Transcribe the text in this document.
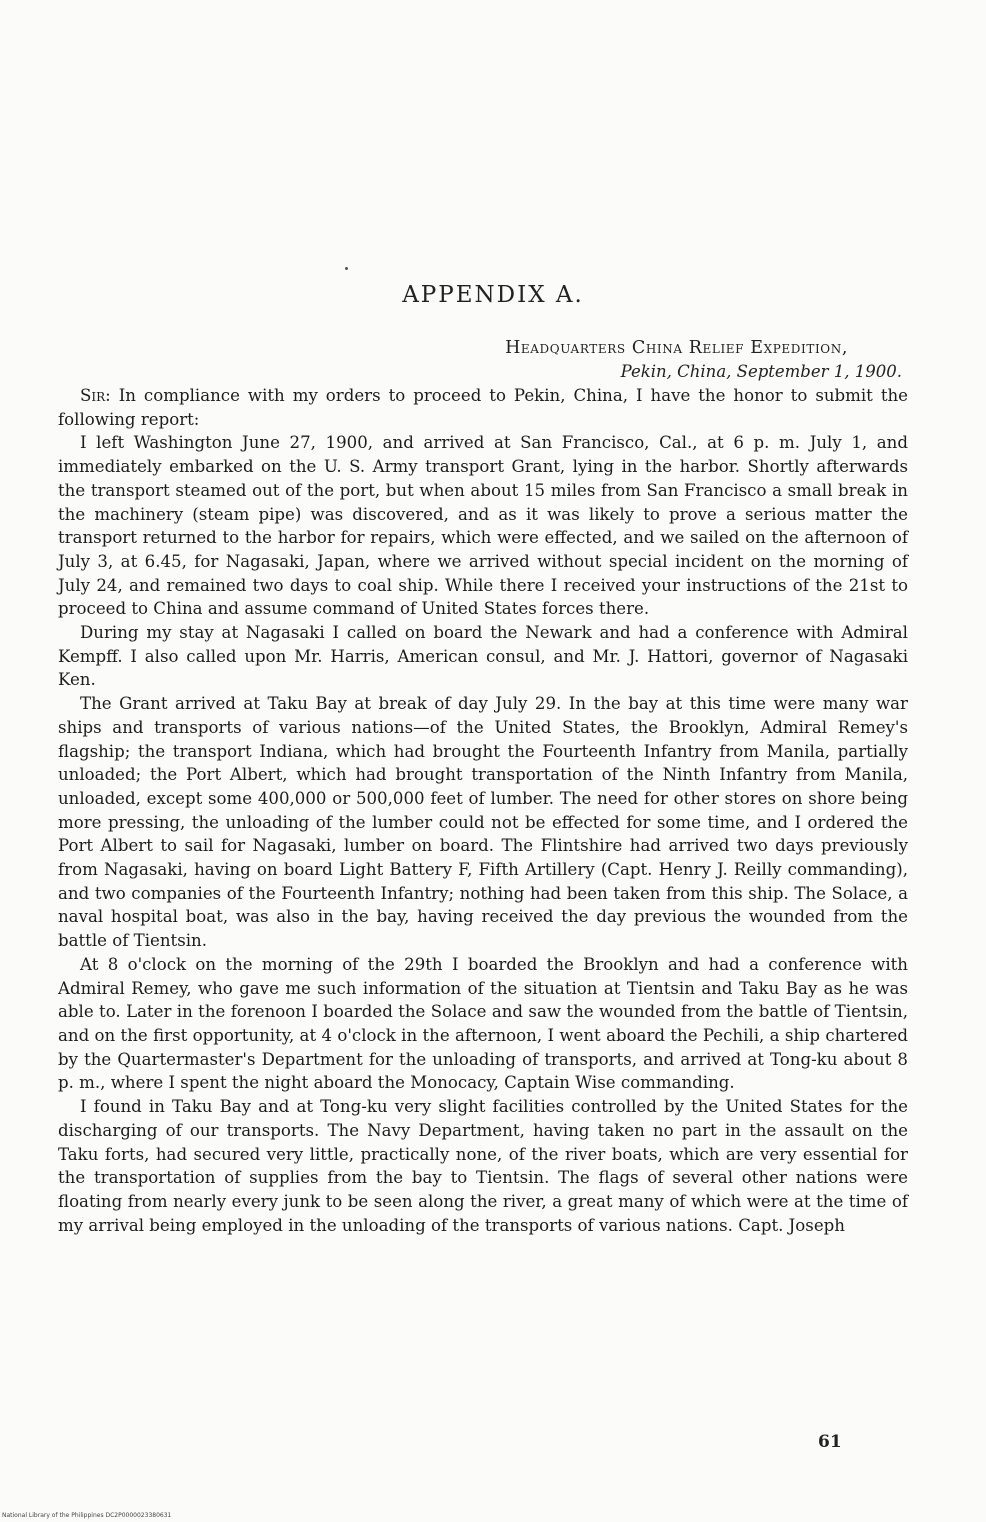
APPENDIX A.
Headquarters China Relief Expedition,
Pekin, China, September 1, 1900.

Sir: In compliance with my orders to proceed to Pekin, China, I have the honor to submit the following report:

I left Washington June 27, 1900, and arrived at San Francisco, Cal., at 6 p. m. July 1, and immediately embarked on the U. S. Army transport Grant, lying in the harbor. Shortly afterwards the transport steamed out of the port, but when about 15 miles from San Francisco a small break in the machinery (steam pipe) was discovered, and as it was likely to prove a serious matter the transport returned to the harbor for repairs, which were effected, and we sailed on the afternoon of July 3, at 6.45, for Nagasaki, Japan, where we arrived without special incident on the morning of July 24, and remained two days to coal ship. While there I received your instructions of the 21st to proceed to China and assume command of United States forces there.

During my stay at Nagasaki I called on board the Newark and had a conference with Admiral Kempff. I also called upon Mr. Harris, American consul, and Mr. J. Hattori, governor of Nagasaki Ken.

The Grant arrived at Taku Bay at break of day July 29. In the bay at this time were many war ships and transports of various nations—of the United States, the Brooklyn, Admiral Remey's flagship; the transport Indiana, which had brought the Fourteenth Infantry from Manila, partially unloaded; the Port Albert, which had brought transportation of the Ninth Infantry from Manila, unloaded, except some 400,000 or 500,000 feet of lumber. The need for other stores on shore being more pressing, the unloading of the lumber could not be effected for some time, and I ordered the Port Albert to sail for Nagasaki, lumber on board. The Flintshire had arrived two days previously from Nagasaki, having on board Light Battery F, Fifth Artillery (Capt. Henry J. Reilly commanding), and two companies of the Fourteenth Infantry; nothing had been taken from this ship. The Solace, a naval hospital boat, was also in the bay, having received the day previous the wounded from the battle of Tientsin.

At 8 o'clock on the morning of the 29th I boarded the Brooklyn and had a conference with Admiral Remey, who gave me such information of the situation at Tientsin and Taku Bay as he was able to. Later in the forenoon I boarded the Solace and saw the wounded from the battle of Tientsin, and on the first opportunity, at 4 o'clock in the afternoon, I went aboard the Pechili, a ship chartered by the Quartermaster's Department for the unloading of transports, and arrived at Tong-ku about 8 p. m., where I spent the night aboard the Monocacy, Captain Wise commanding.

I found in Taku Bay and at Tong-ku very slight facilities controlled by the United States for the discharging of our transports. The Navy Department, having taken no part in the assault on the Taku forts, had secured very little, practically none, of the river boats, which are very essential for the transportation of supplies from the bay to Tientsin. The flags of several other nations were floating from nearly every junk to be seen along the river, a great many of which were at the time of my arrival being employed in the unloading of the transports of various nations. Capt. Joseph

61
National Library of the Philippines DC2P0000023380631
